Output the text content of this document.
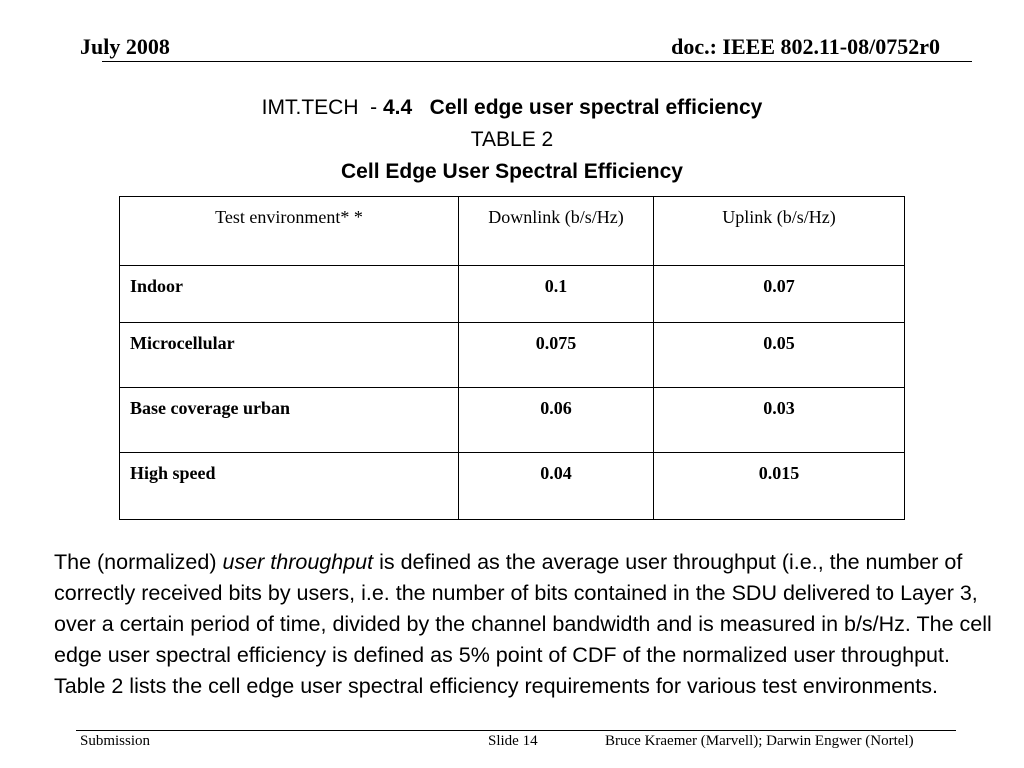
July 2008	doc.: IEEE 802.11-08/0752r0
IMT.TECH  - 4.4   Cell edge user spectral efficiency
TABLE 2
Cell Edge User Spectral Efficiency
Test environment* *	Downlink (b/s/Hz)	Uplink (b/s/Hz)
Indoor	0.1	0.07
Microcellular	0.075	0.05
Base coverage urban	0.06	0.03
High speed	0.04	0.015
The (normalized) user throughput is defined as the average user throughput (i.e., the number of correctly received bits by users, i.e. the number of bits contained in the SDU delivered to Layer 3, over a certain period of time, divided by the channel bandwidth and is measured in b/s/Hz. The cell edge user spectral efficiency is defined as 5% point of CDF of the normalized user throughput. Table 2 lists the cell edge user spectral efficiency requirements for various test environments.
Submission	Slide 14	Bruce Kraemer (Marvell); Darwin Engwer (Nortel)
